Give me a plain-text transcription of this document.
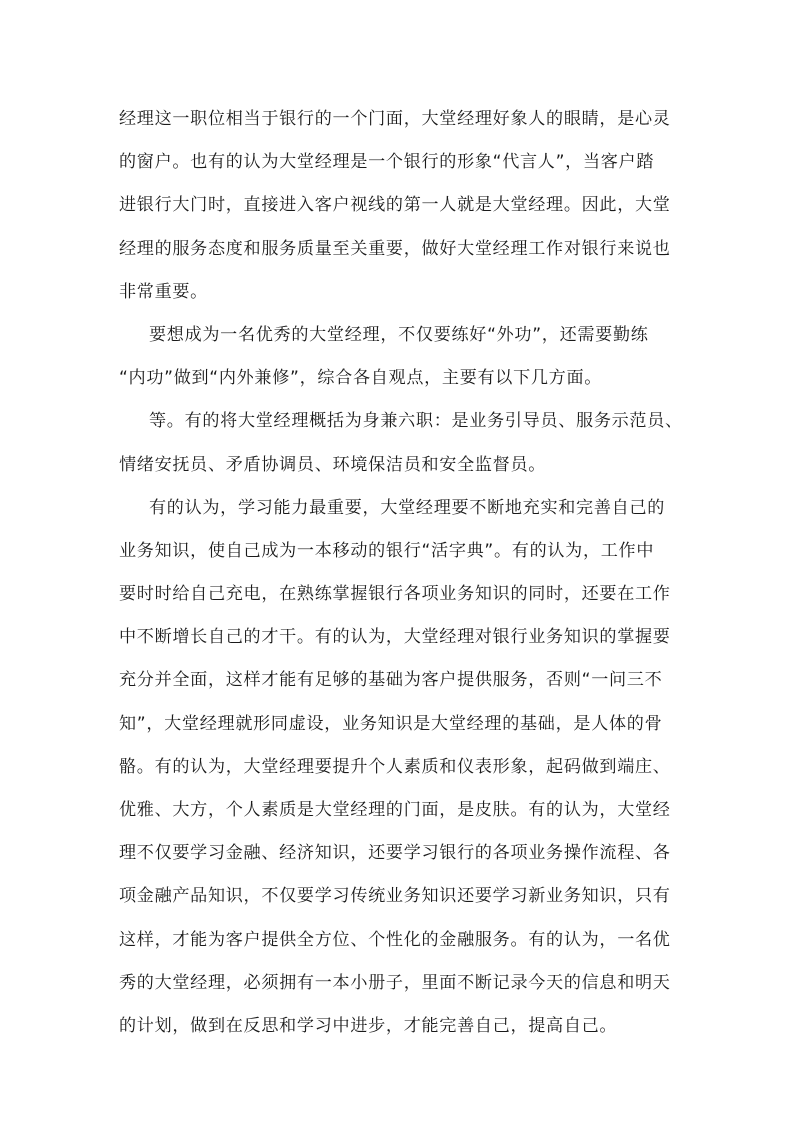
经理这一职位相当于银行的一个门面，大堂经理好象人的眼睛，是心灵
的窗户。也有的认为大堂经理是一个银行的形象“代言人”，当客户踏
进银行大门时，直接进入客户视线的第一人就是大堂经理。因此，大堂
经理的服务态度和服务质量至关重要，做好大堂经理工作对银行来说也
非常重要。
要想成为一名优秀的大堂经理，不仅要练好“外功”，还需要勤练
“内功”做到“内外兼修”，综合各自观点，主要有以下几方面。
等。有的将大堂经理概括为身兼六职：是业务引导员、服务示范员、
情绪安抚员、矛盾协调员、环境保洁员和安全监督员。
有的认为，学习能力最重要，大堂经理要不断地充实和完善自己的
业务知识，使自己成为一本移动的银行“活字典”。有的认为，工作中
要时时给自己充电，在熟练掌握银行各项业务知识的同时，还要在工作
中不断增长自己的才干。有的认为，大堂经理对银行业务知识的掌握要
充分并全面，这样才能有足够的基础为客户提供服务，否则“一问三不
知”，大堂经理就形同虚设，业务知识是大堂经理的基础，是人体的骨
骼。有的认为，大堂经理要提升个人素质和仪表形象，起码做到端庄、
优雅、大方，个人素质是大堂经理的门面，是皮肤。有的认为，大堂经
理不仅要学习金融、经济知识，还要学习银行的各项业务操作流程、各
项金融产品知识，不仅要学习传统业务知识还要学习新业务知识，只有
这样，才能为客户提供全方位、个性化的金融服务。有的认为，一名优
秀的大堂经理，必须拥有一本小册子，里面不断记录今天的信息和明天
的计划，做到在反思和学习中进步，才能完善自己，提高自己。
